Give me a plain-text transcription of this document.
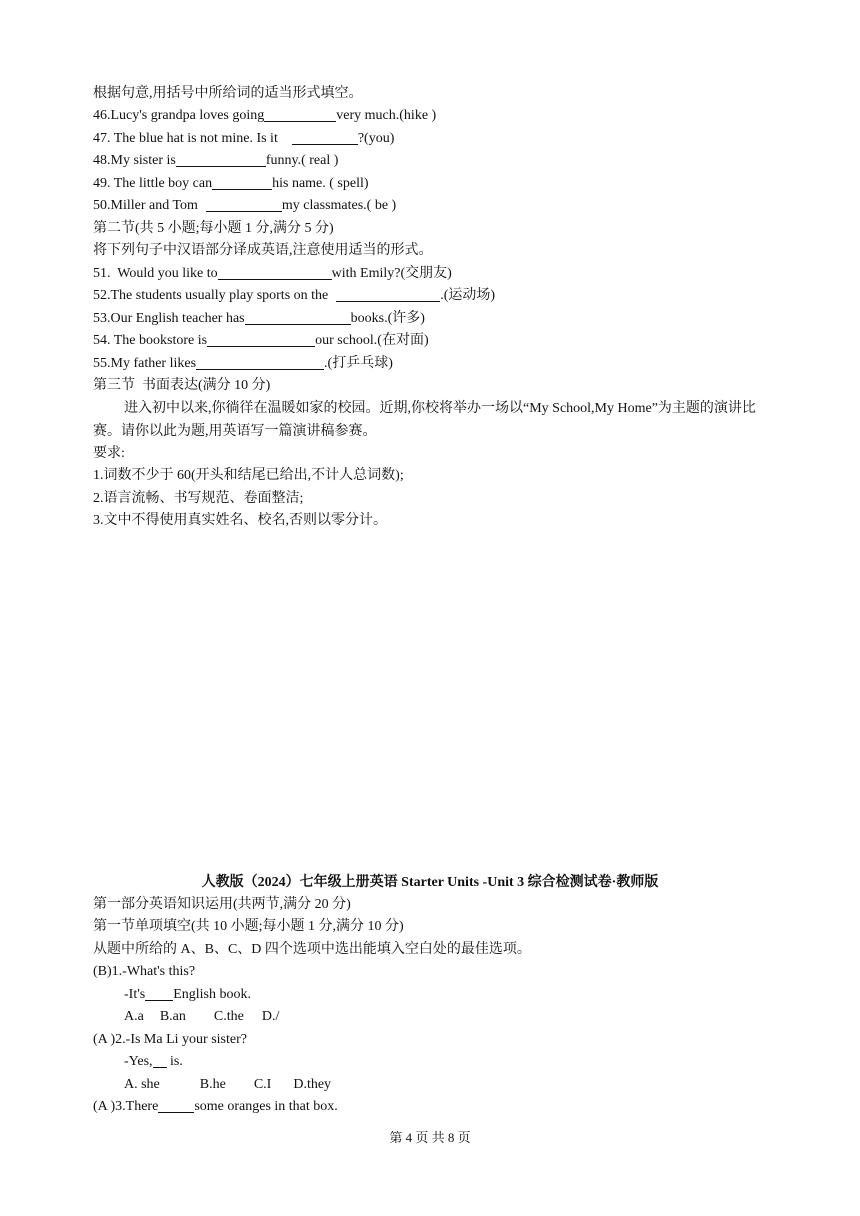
根据句意,用括号中所给词的适当形式填空。
46.Lucy's grandpa loves going	very much.(hike )
47. The blue hat is not mine. Is it	?(you)
48.My sister is	funny.( real )
49. The little boy can	his name. ( spell)
50.Miller and Tom	my classmates.( be )
第二节(共 5 小题;每小题 1 分,满分 5 分)
将下列句子中汉语部分译成英语,注意使用适当的形式。
51.  Would you like to	with Emily?(交朋友)
52.The students usually play sports on the	.(运动场)
53.Our English teacher has	books.(许多)
54. The bookstore is	our school.(在对面)
55.My father likes	.(打乒乓球)
第三节  书面表达(满分 10 分)
进入初中以来,你徜徉在温暖如家的校园。近期,你校将举办一场以“My School,My Home”为主题的演讲比赛。请你以此为题,用英语写一篇演讲稿参赛。
要求:
1.词数不少于 60(开头和结尾已给出,不计人总词数);
2.语言流畅、书写规范、卷面整洁;
3.文中不得使用真实姓名、校名,否则以零分计。
人教版（2024）七年级上册英语 Starter Units -Unit 3 综合检测试卷·教师版
第一部分英语知识运用(共两节,满分 20 分)
第一节单项填空(共 10 小题;每小题 1 分,满分 10 分)
从题中所给的 A、B、C、D 四个选项中选出能填入空白处的最佳选项。
(B)1.-What's this?
-It's English book.
A.a B.an C.the D./
(A )2.-Is Ma Li your sister?
-Yes, is.
A. she	B.he C.I D.they
(A )3.There	some oranges in that box.
第 4 页 共 8 页
